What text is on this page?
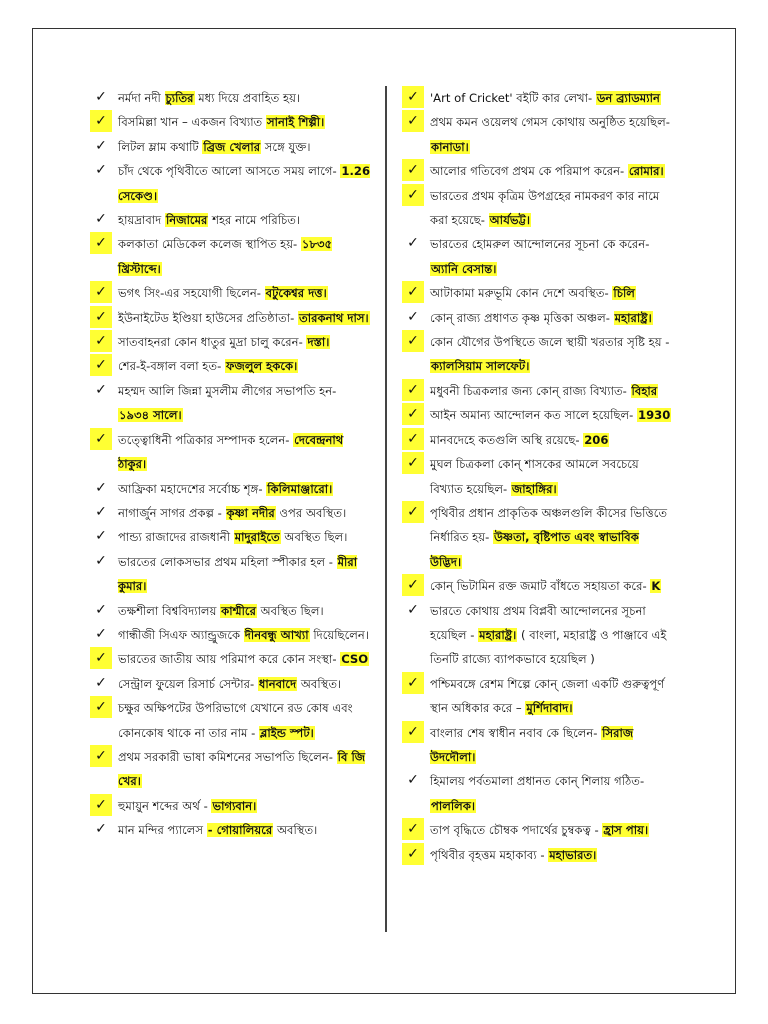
✓ নর্মদা নদী চ্যুতির মধ্য দিয়ে প্রবাহিত হয়।
✓ বিসমিল্লা খান – একজন বিখ্যাত সানাই শিল্পী।
✓ লিটল ম্লাম কথাটি ব্রিজ খেলার সঙ্গে যুক্ত।
✓ চাঁদ থেকে পৃথিবীতে আলো আসতে সময় লাগে- 1.26 সেকেণ্ড।
✓ হায়দ্রাবাদ নিজামের শহর নামে পরিচিত।
✓ কলকাতা মেডিকেল কলেজ স্থাপিত হয়- ১৮৩৫ খ্রিস্টাব্দে।
✓ ভগৎ সিং-এর সহযোগী ছিলেন- বটুকেশ্বর দত্ত।
✓ ইউনাইটেড ইণ্ডিয়া হাউসের প্রতিষ্ঠাতা- তারকনাথ দাস।
✓ সাতবাহনরা কোন ধাতুর মুদ্রা চালু করেন- দস্তা।
✓ শের-ই-বঙ্গাল বলা হত- ফজলুল হককে।
✓ মহম্মদ আলি জিন্না মুসলীম লীগের সভাপতি হন- ১৯৩৪ সালে।
✓ তত্ত্বোধিনী পত্রিকার সম্পাদক হলেন- দেবেন্দ্রনাথ ঠাকুর।
✓ আফ্রিকা মহাদেশের সর্বোচ্চ শৃঙ্গ- কিলিমাঞ্জারো।
✓ নাগার্জুন সাগর প্রকল্প - কৃষ্ণা নদীর ওপর অবস্থিত।
✓ পান্ড্য রাজাদের রাজধানী মাদুরাইতে অবস্থিত ছিল।
✓ ভারতের লোকসভার প্রথম মহিলা স্পীকার হল - মীরা কুমার।
✓ তক্ষশীলা বিশ্ববিদ্যালয় কাশ্মীরে অবস্থিত ছিল।
✓ গান্ধীজী সিএফ অ্যান্ড্রুজকে দীনবন্ধু আখ্যা দিয়েছিলেন।
✓ ভারতের জাতীয় আয় পরিমাপ করে কোন সংস্থা- CSO
✓ সেন্ট্রাল ফুয়েল রিসার্চ সেন্টার- ধানবাদে অবস্থিত।
✓ চক্ষুর অক্ষিপটের উপরিভাগে যেখানে রড কোষ এবং কোনকোষ থাকে না তার নাম - ব্লাইন্ড স্পট।
✓ প্রথম সরকারী ভাষা কমিশনের সভাপতি ছিলেন- বি জি খের।
✓ হুমায়ুন শব্দের অর্থ - ভাগ্যবান।
✓ মান মন্দির প্যালেস - গোয়ালিয়রে অবস্থিত।
✓ 'Art of Cricket' বইটি কার লেখা- ডন ব্র্যাডম্যান
✓ প্রথম কমন ওয়েলথ গেমস কোথায় অনুষ্ঠিত হয়েছিল- কানাডা।
✓ আলোর গতিবেগ প্রথম কে পরিমাপ করেন- রোমার।
✓ ভারতের প্রথম কৃত্রিম উপগ্রহের নামকরণ কার নামে করা হয়েছে- আর্যভট্ট।
✓ ভারতের হোমরুল আন্দোলনের সূচনা কে করেন- অ্যানি বেসান্ত।
✓ আটাকামা মরুভূমি কোন দেশে অবস্থিত- চিলি
✓ কোন্ রাজ্য প্রধাণত কৃষ্ণ মৃত্তিকা অঞ্চল- মহারাষ্ট্র।
✓ কোন যৌগের উপস্থিতে জলে স্থায়ী খরতার সৃষ্টি হয় - ক্যালসিয়াম সালফেট।
✓ মধুবনী চিত্রকলার জন্য কোন্ রাজ্য বিখ্যাত- বিহার
✓ আইন অমান্য আন্দোলন কত সালে হয়েছিল- 1930
✓ মানবদেহে কতগুলি অস্থি রয়েছে- 206
✓ মুঘল চিত্রকলা কোন্ শাসকের আমলে সবচেয়ে বিখ্যাত হয়েছিল- জাহাঙ্গির।
✓ পৃথিবীর প্রধান প্রাকৃতিক অঞ্চলগুলি কীসের ভিত্তিতে নির্ধারিত হয়- উষ্ণতা, বৃষ্টিপাত এবং স্বাভাবিক উদ্ভিদ।
✓ কোন্ ভিটামিন রক্ত জমাট বাঁধতে সহায়তা করে- K
✓ ভারতে কোথায় প্রথম বিপ্লবী আন্দোলনের সূচনা হয়েছিল - মহারাষ্ট্র। ( বাংলা, মহারাষ্ট্র ও পাঞ্জাবে এই তিনটি রাজ্যে ব্যাপকভাবে হয়েছিল )
✓ পশ্চিমবঙ্গে রেশম শিল্পে কোন্ জেলা একটি গুরুত্বপূর্ণ স্থান অধিকার করে – মুর্শিদাবাদ।
✓ বাংলার শেষ স্বাধীন নবাব কে ছিলেন- সিরাজ উদদৌলা।
✓ হিমালয় পর্বতমালা প্রধানত কোন্ শিলায় গঠিত- পাললিক।
✓ তাপ বৃদ্ধিতে চৌম্বক পদার্থের চুম্বকত্ব - হ্রাস পায়।
✓ পৃথিবীর বৃহত্তম মহাকাব্য - মহাভারত।
